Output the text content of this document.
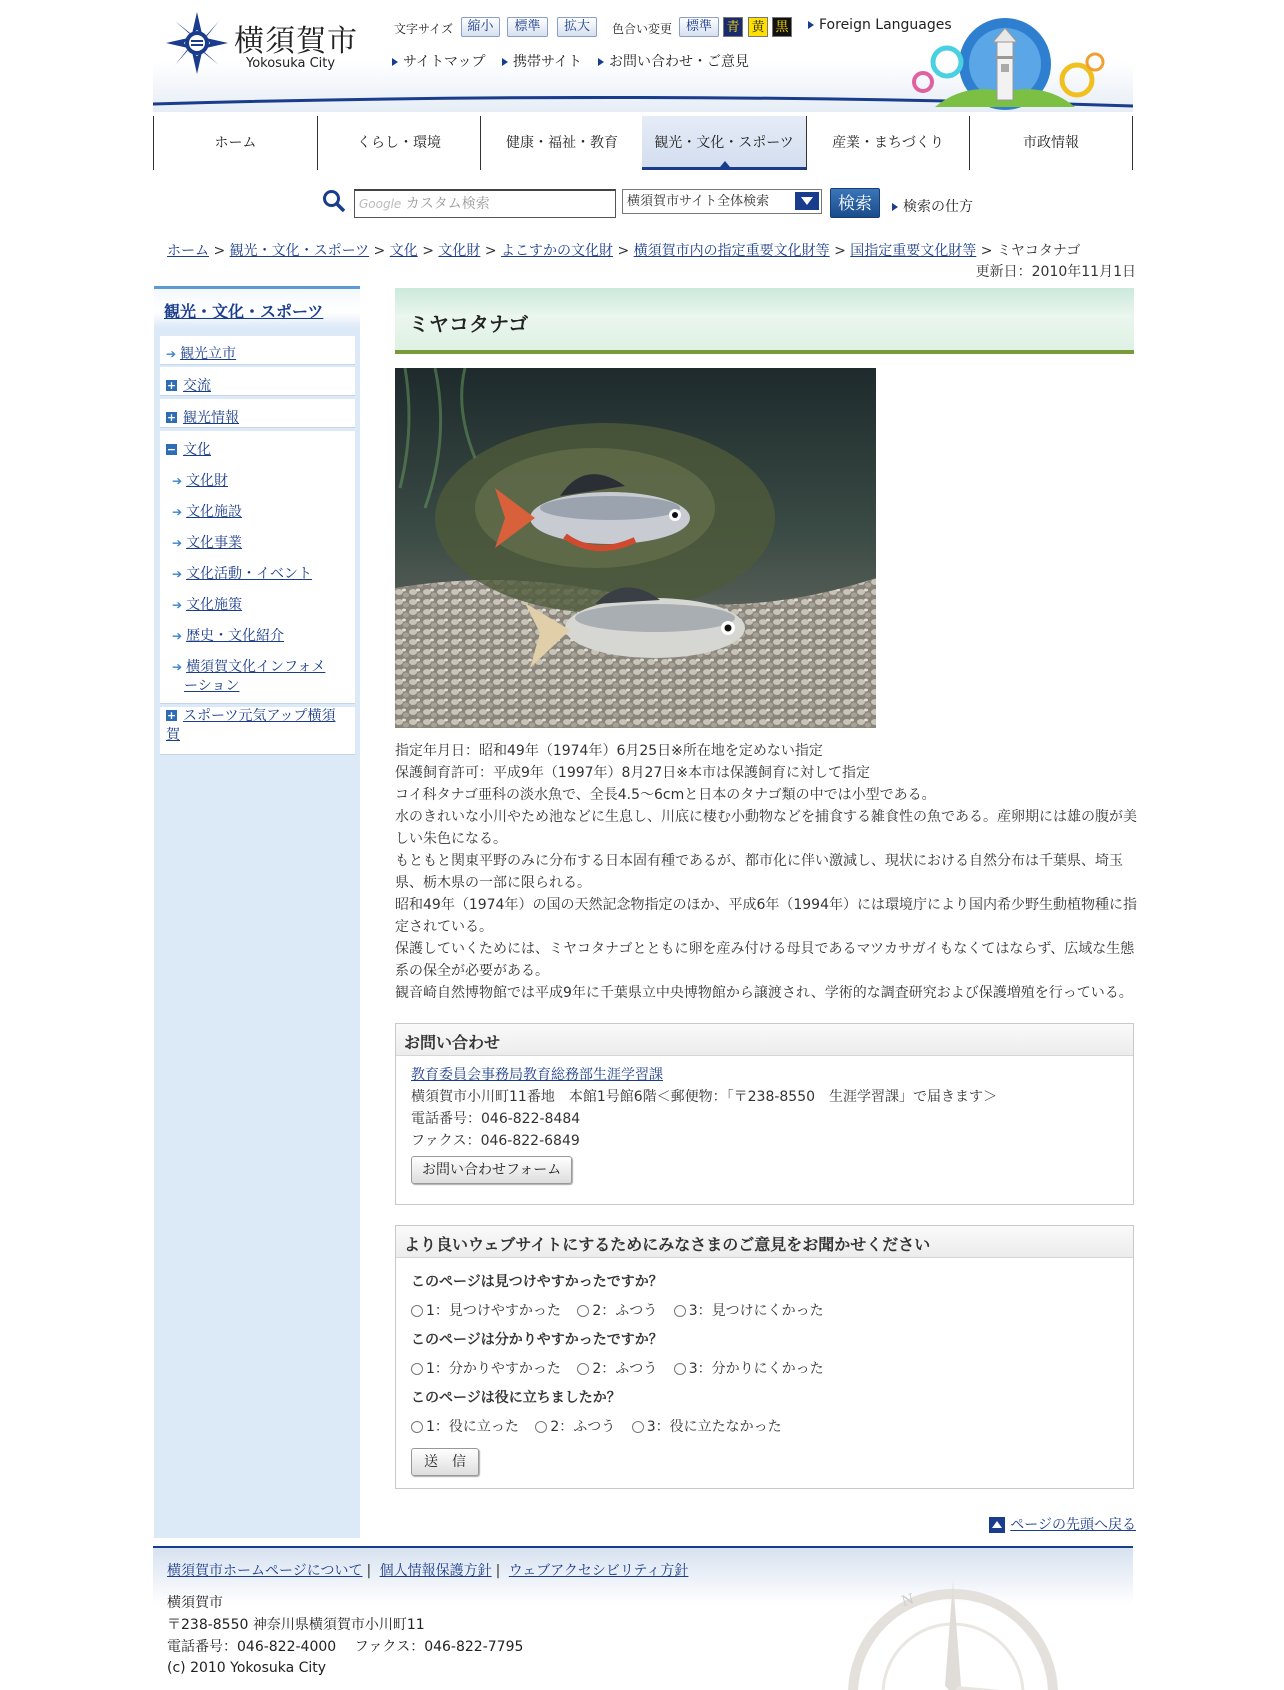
横須賀市
Yokosuka City
文字サイズ	縮小	標準	拡大	色合い変更	標準	青 黄 黒	Foreign Languages
サイトマップ	携帯サイト	お問い合わせ・ご意見
ホーム	くらし・環境	健康・福祉・教育	観光・文化・スポーツ	産業・まちづくり	市政情報
Google カスタム検索	横須賀市サイト全体検索	検索	検索の仕方
ホーム > 観光・文化・スポーツ > 文化 > 文化財 > よこすかの文化財 > 横須賀市内の指定重要文化財等 > 国指定重要文化財等 > ミヤコタナゴ
更新日：2010年11月1日
観光・文化・スポーツ
➔ 観光立市
+ 交流
+ 観光情報
− 文化
➔ 文化財
➔ 文化施設
➔ 文化事業
➔ 文化活動・イベント
➔ 文化施策
➔ 歴史・文化紹介
➔ 横須賀文化インフォメ
ーション
+ スポーツ元気アップ横須
賀
ミヤコタナゴ

指定年月日：昭和49年（1974年）6月25日※所在地を定めない指定

保護飼育許可：平成9年（1997年）8月27日※本市は保護飼育に対して指定

コイ科タナゴ亜科の淡水魚で、全長4.5～6cmと日本のタナゴ類の中では小型である。

水のきれいな小川やため池などに生息し、川底に棲む小動物などを捕食する雑食性の魚である。産卵期には雄の腹が美しい朱色になる。

もともと関東平野のみに分布する日本固有種であるが、都市化に伴い激減し、現状における自然分布は千葉県、埼玉県、栃木県の一部に限られる。

昭和49年（1974年）の国の天然記念物指定のほか、平成6年（1994年）には環境庁により国内希少野生動植物種に指定されている。

保護していくためには、ミヤコタナゴとともに卵を産み付ける母貝であるマツカサガイもなくてはならず、広域な生態系の保全が必要がある。

観音崎自然博物館では平成9年に千葉県立中央博物館から譲渡され、学術的な調査研究および保護増殖を行っている。

お問い合わせ
教育委員会事務局教育総務部生涯学習課
横須賀市小川町11番地　本館1号館6階＜郵便物：「〒238-8550　生涯学習課」で届きます＞
電話番号：046-822-8484
ファクス：046-822-6849
お問い合わせフォーム
より良いウェブサイトにするためにみなさまのご意見をお聞かせください
このページは見つけやすかったですか？
1：見つけやすかった 2：ふつう 3：見つけにくかった
このページは分かりやすかったですか？
1：分かりやすかった 2：ふつう 3：分かりにくかった
このページは役に立ちましたか？
1：役に立った 2：ふつう 3：役に立たなかった
送　信
ページの先頭へ戻る
N
横須賀市ホームページについて | 個人情報保護方針 | ウェブアクセシビリティ方針
横須賀市
〒238-8550 神奈川県横須賀市小川町11
電話番号：046-822-4000　 ファクス：046-822-7795
(c) 2010 Yokosuka City
